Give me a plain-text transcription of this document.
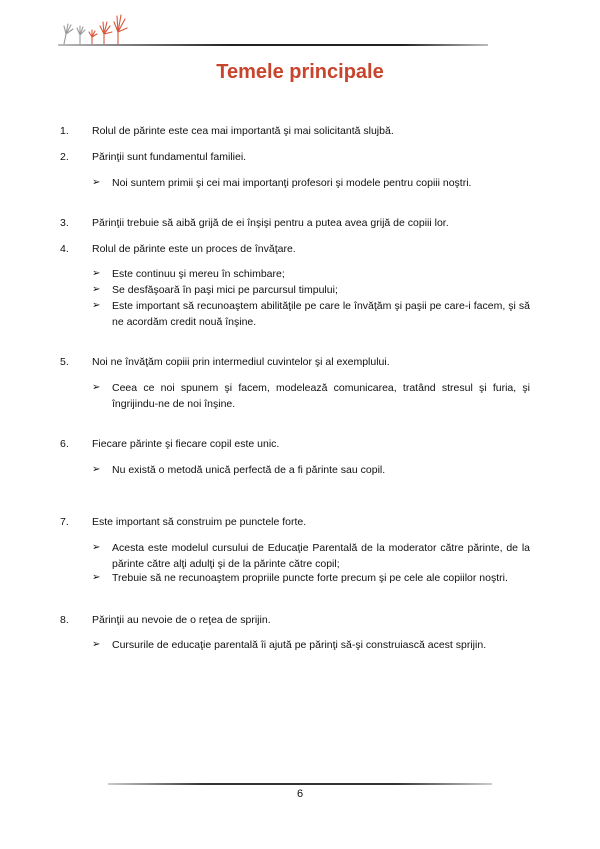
Temele principale
1. Rolul de părinte este cea mai importantă şi mai solicitantă slujbă.
2. Părinţii sunt fundamentul familiei.
➢ Noi suntem primii şi cei mai importanţi profesori şi modele pentru copiii noştri.
3. Părinţii trebuie să aibă grijă de ei înşişi pentru a putea avea grijă de copiii lor.
4. Rolul de părinte este un proces de învăţare.
➢ Este continuu şi mereu în schimbare;
➢ Se desfăşoară în paşi mici pe parcursul timpului;
➢ Este important să recunoaştem abilităţile pe care le învăţăm şi paşii pe care-i facem, şi să ne acordăm credit nouă înşine.
5. Noi ne învăţăm copiii prin intermediul cuvintelor şi al exemplului.
➢ Ceea ce noi spunem şi facem, modelează comunicarea, tratând stresul şi furia, şi îngrijindu-ne de noi înşine.
6. Fiecare părinte şi fiecare copil este unic.
➢ Nu există o metodă unică perfectă de a fi părinte sau copil.
7. Este important să construim pe punctele forte.
➢ Acesta este modelul cursului de Educaţie Parentală de la moderator către părinte, de la părinte către alţi adulţi şi de la părinte către copil;
➢ Trebuie să ne recunoaştem propriile puncte forte precum şi pe cele ale copiilor noştri.
8. Părinţii au nevoie de o reţea de sprijin.
➢ Cursurile de educaţie parentală îi ajută pe părinţi să-şi construiască acest sprijin.
6
